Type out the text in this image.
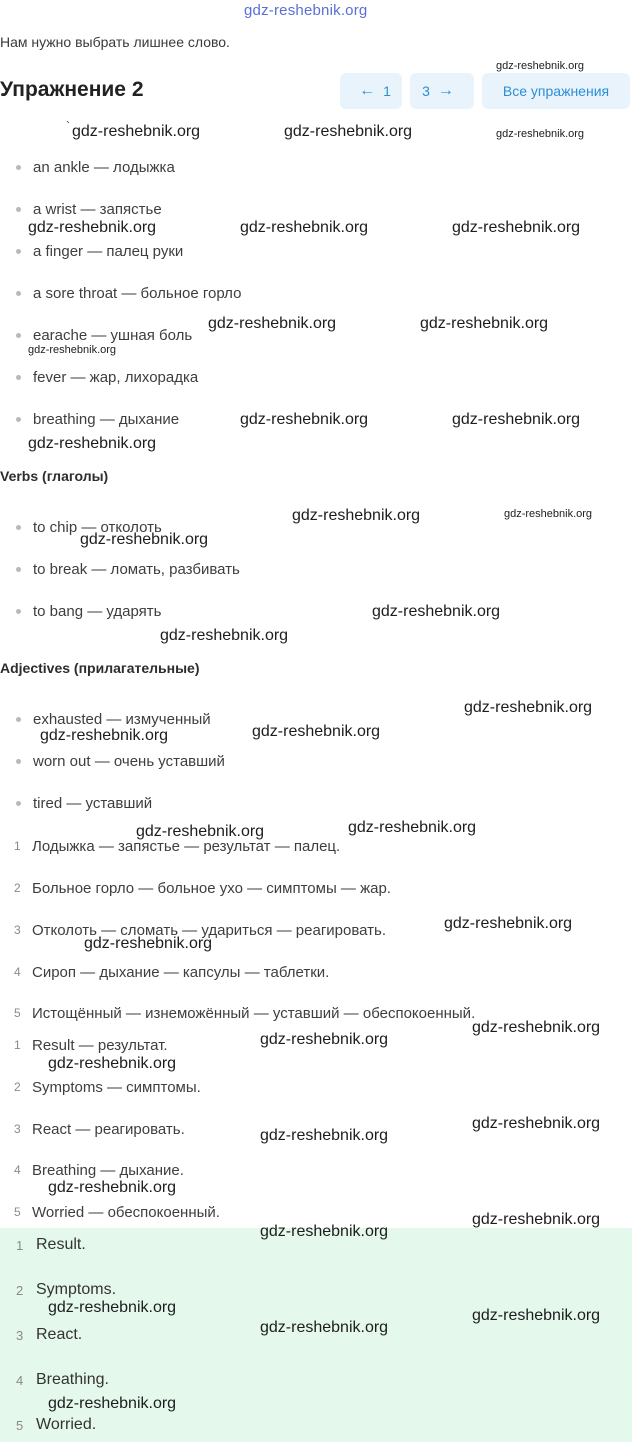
gdz-reshebnik.org
Нам нужно выбрать лишнее слово.
Упражнение 2	← 1 3 →	Все упражнения
an ankle — лодыжка
a wrist — запястье
a finger — палец руки
a sore throat — больное горло
earache — ушная боль
fever — жар, лихорадка
breathing — дыхание
Verbs (глаголы)
to chip — отколоть
to break — ломать, разбивать
to bang — ударять
Adjectives (прилагательные)
exhausted — измученный
worn out — очень уставший
tired — уставший
1 Лодыжка — запястье — результат — палец.
2 Больное горло — больное ухо — симптомы — жар.
3 Отколоть — сломать — удариться — реагировать.
4 Сироп — дыхание — капсулы — таблетки.
5 Истощённый — изнеможённый — уставший — обеспокоенный.
1 Result — результат.
2 Symptoms — симптомы.
3 React — реагировать.
4 Breathing — дыхание.
5 Worried — обеспокоенный.
1 Result.
2 Symptoms.
3 React.
4 Breathing.
5 Worried.
gdz-reshebnik.org
` gdz-reshebnik.org	gdz-reshebnik.org	gdz-reshebnik.org
gdz-reshebnik.org	gdz-reshebnik.org	gdz-reshebnik.org
gdz-reshebnik.org	gdz-reshebnik.org
gdz-reshebnik.org
gdz-reshebnik.org	gdz-reshebnik.org
gdz-reshebnik.org
gdz-reshebnik.org	gdz-reshebnik.org
gdz-reshebnik.org
gdz-reshebnik.org
gdz-reshebnik.org
gdz-reshebnik.org
gdz-reshebnik.org
gdz-reshebnik.org
gdz-reshebnik.org
gdz-reshebnik.org
gdz-reshebnik.org
gdz-reshebnik.org
gdz-reshebnik.org
gdz-reshebnik.org
gdz-reshebnik.org
gdz-reshebnik.org
gdz-reshebnik.org
gdz-reshebnik.org
gdz-reshebnik.org
gdz-reshebnik.org
gdz-reshebnik.org	gdz-reshebnik.org
gdz-reshebnik.org
gdz-reshebnik.org
